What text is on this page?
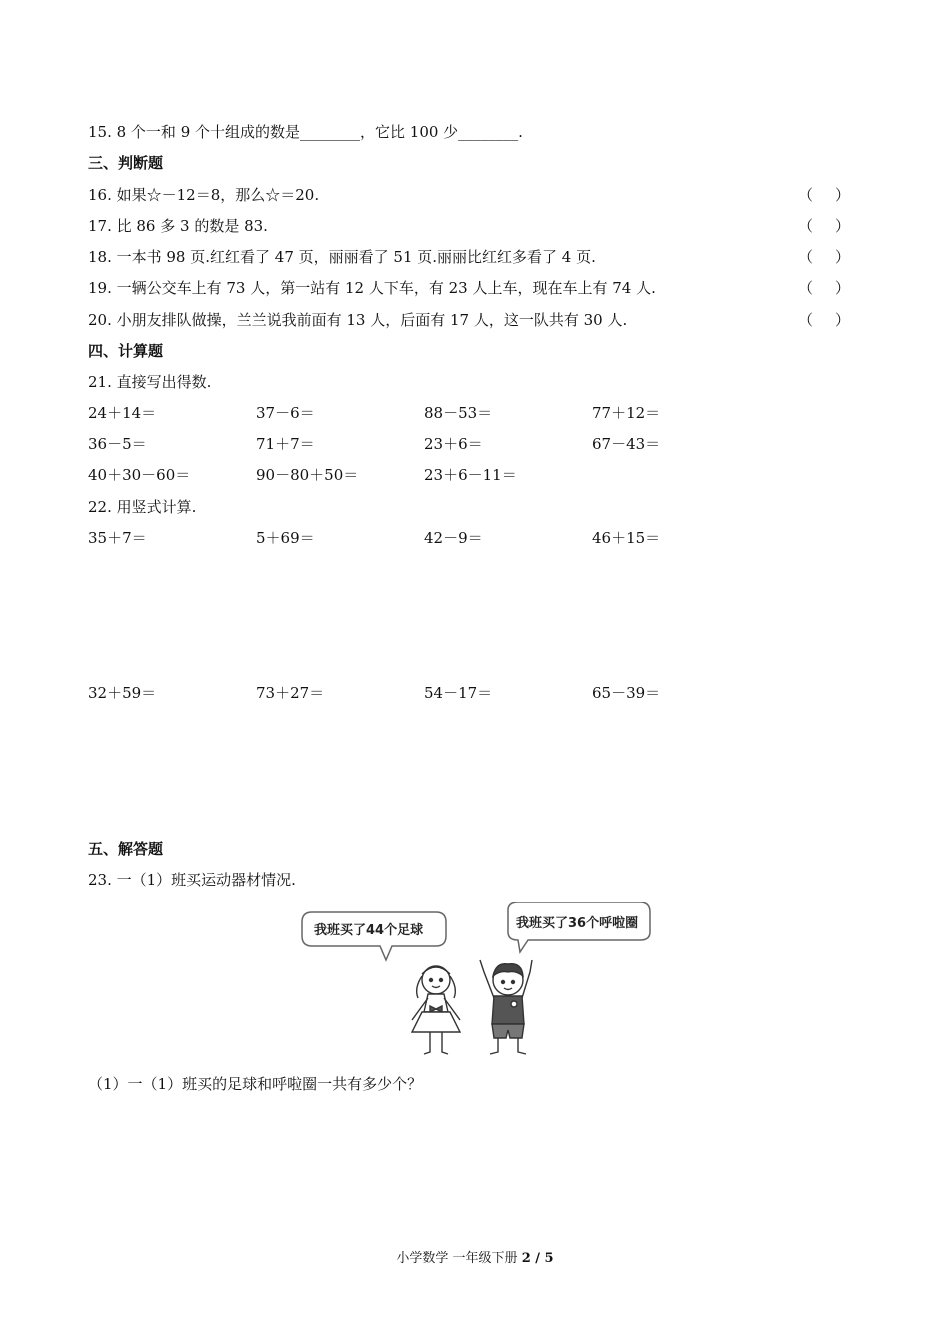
15. 8 个一和 9 个十组成的数是________，它比 100 少________.
三、判断题
16. 如果☆－12＝8，那么☆＝20.	（ ）
17. 比 86 多 3 的数是 83.	（ ）
18. 一本书 98 页.红红看了 47 页，丽丽看了 51 页.丽丽比红红多看了 4 页.	（ ）
19. 一辆公交车上有 73 人，第一站有 12 人下车，有 23 人上车，现在车上有 74 人.	（ ）
20. 小朋友排队做操，兰兰说我前面有 13 人，后面有 17 人，这一队共有 30 人.	（ ）
四、计算题
21. 直接写出得数.
24＋14＝	37－6＝	88－53＝	77＋12＝
36－5＝	71＋7＝	23＋6＝	67－43＝
40＋30－60＝	90－80＋50＝	23＋6－11＝
22. 用竖式计算.
35＋7＝	5＋69＝	42－9＝	46＋15＝
32＋59＝	73＋27＝	54－17＝	65－39＝
五、解答题
23. 一（1）班买运动器材情况.
我班买了44个足球	我班买了36个呼啦圈
（1）一（1）班买的足球和呼啦圈一共有多少个？
小学数学 一年级下册 2 / 5
